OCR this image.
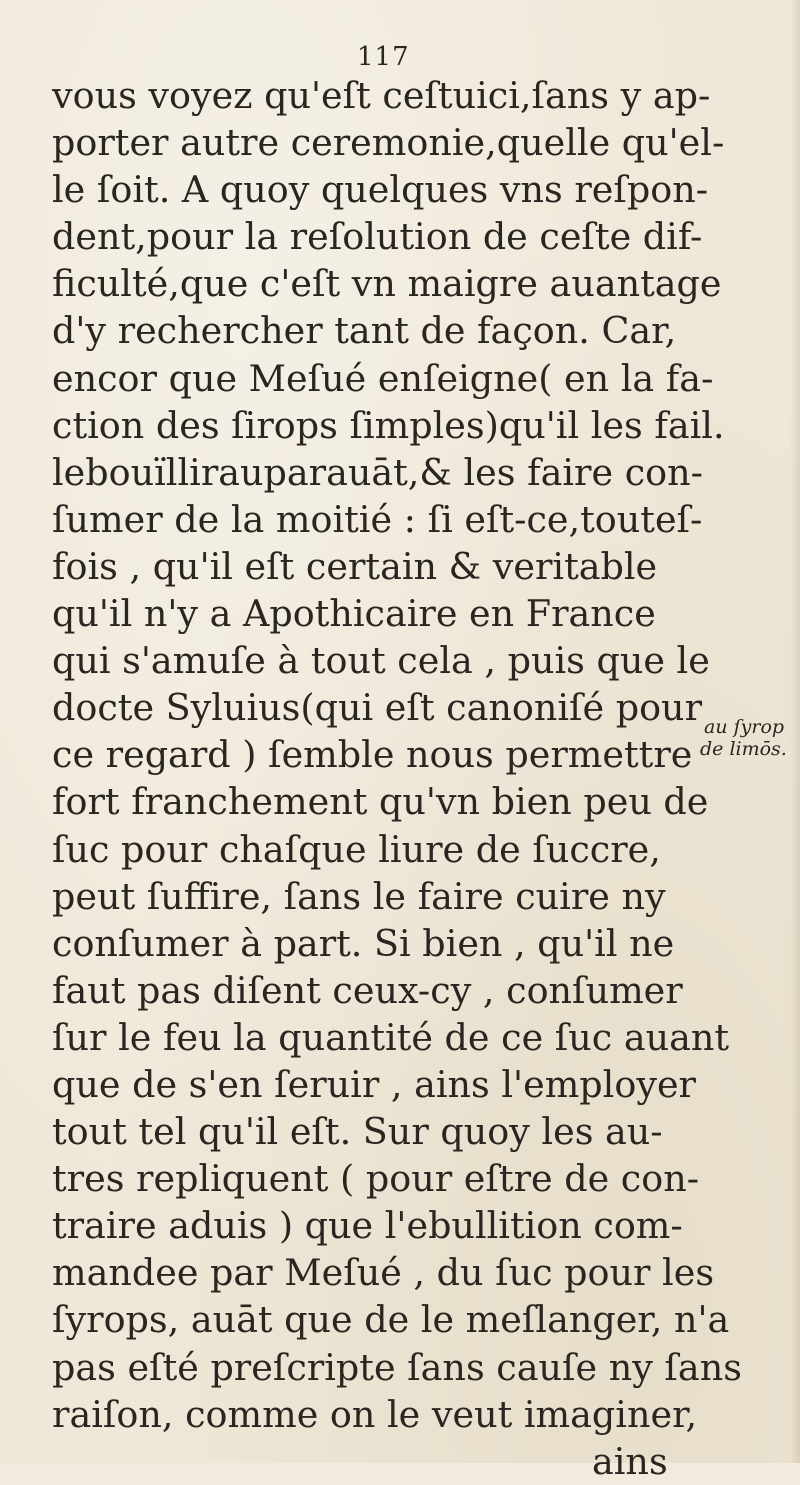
117
vous voyez qu'eſt ceſtuici,ſans y ap-
porter autre ceremonie,quelle qu'el-
le ſoit. A quoy quelques vns reſpon-
dent,pour la reſolution de ceſte dif-
ficulté,que c'eſt vn maigre auantage
d'y rechercher tant de façon. Car,
encor que Meſué enſeigne( en la fa-
ction des ſirops ſimples)qu'il les fail.
lebouïllirauparauāt,& les faire con-
ſumer de la moitié : ſi eſt-ce,touteſ-
fois , qu'il eſt certain & veritable
qu'il n'y a Apothicaire en France
qui s'amuſe à tout cela , puis que le
docte Syluius(qui eſt canoniſé pour
ce regard ) ſemble nous permettre
fort franchement qu'vn bien peu de
ſuc pour chaſque liure de ſuccre,
peut ſuffire, ſans le faire cuire ny
conſumer à part. Si bien , qu'il ne
faut pas diſent ceux-cy , conſumer
ſur le feu la quantité de ce ſuc auant
que de s'en ſeruir , ains l'employer
tout tel qu'il eſt. Sur quoy les au-
tres repliquent ( pour eſtre de con-
traire aduis ) que l'ebullition com-
mandee par Meſué , du ſuc pour les
ſyrops, auāt que de le meſlanger, n'a
pas eſté preſcripte ſans cauſe ny ſans
raiſon, comme on le veut imaginer,
ains
au ſyrop
de limōs.
